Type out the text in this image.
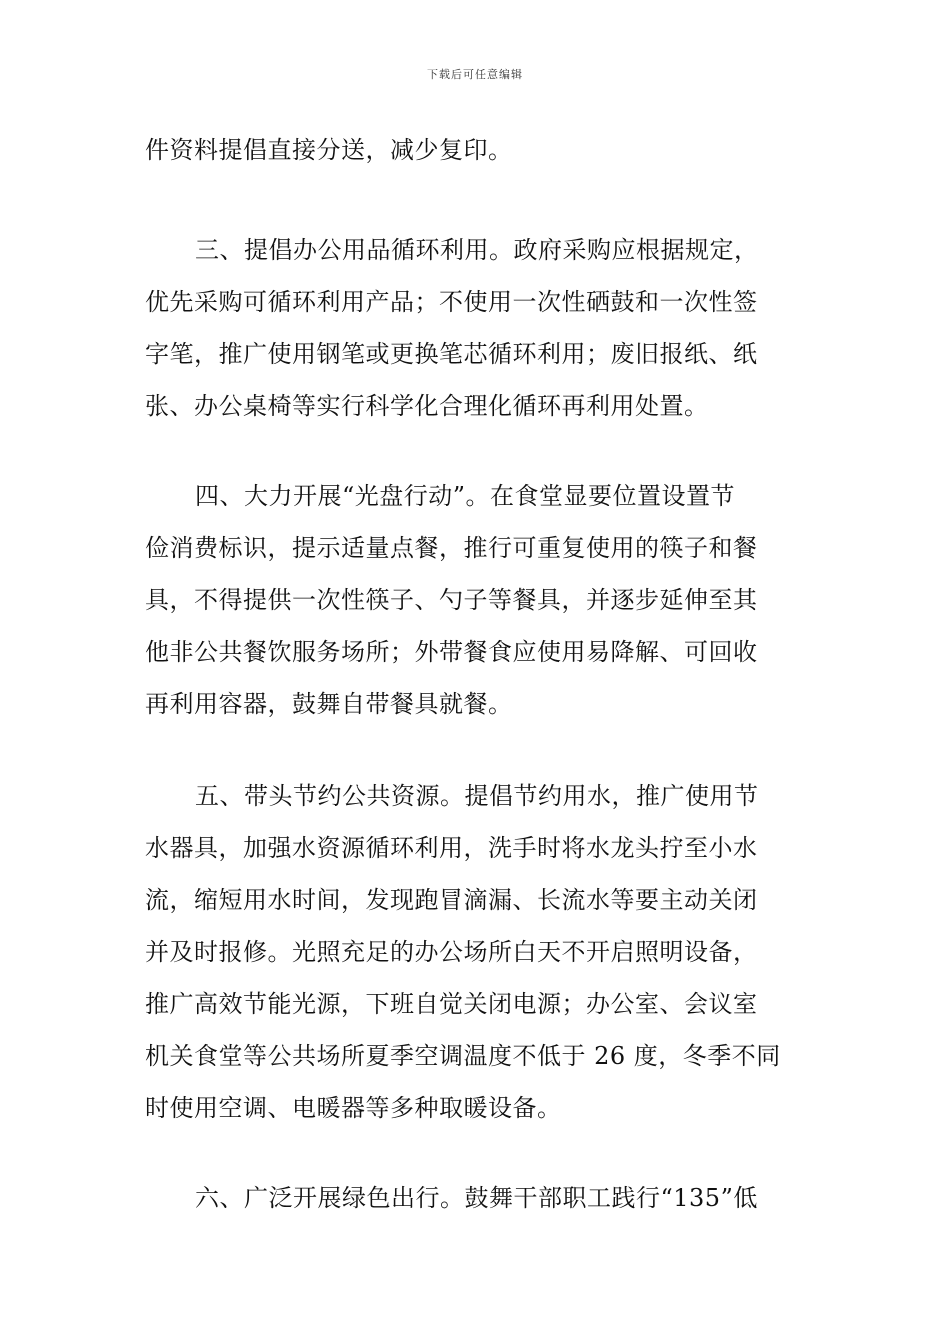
下载后可任意编辑
件资料提倡直接分送，减少复印。
三、提倡办公用品循环利用。政府采购应根据规定，
优先采购可循环利用产品；不使用一次性硒鼓和一次性签
字笔，推广使用钢笔或更换笔芯循环利用；废旧报纸、纸
张、办公桌椅等实行科学化合理化循环再利用处置。
四、大力开展“光盘行动”。在食堂显要位置设置节
俭消费标识，提示适量点餐，推行可重复使用的筷子和餐
具，不得提供一次性筷子、勺子等餐具，并逐步延伸至其
他非公共餐饮服务场所；外带餐食应使用易降解、可回收
再利用容器，鼓舞自带餐具就餐。
五、带头节约公共资源。提倡节约用水，推广使用节
水器具，加强水资源循环利用，洗手时将水龙头拧至小水
流，缩短用水时间，发现跑冒滴漏、长流水等要主动关闭
并及时报修。光照充足的办公场所白天不开启照明设备，
推广高效节能光源，下班自觉关闭电源；办公室、会议室
机关食堂等公共场所夏季空调温度不低于 26 度，冬季不同
时使用空调、电暖器等多种取暖设备。
六、广泛开展绿色出行。鼓舞干部职工践行“135”低
